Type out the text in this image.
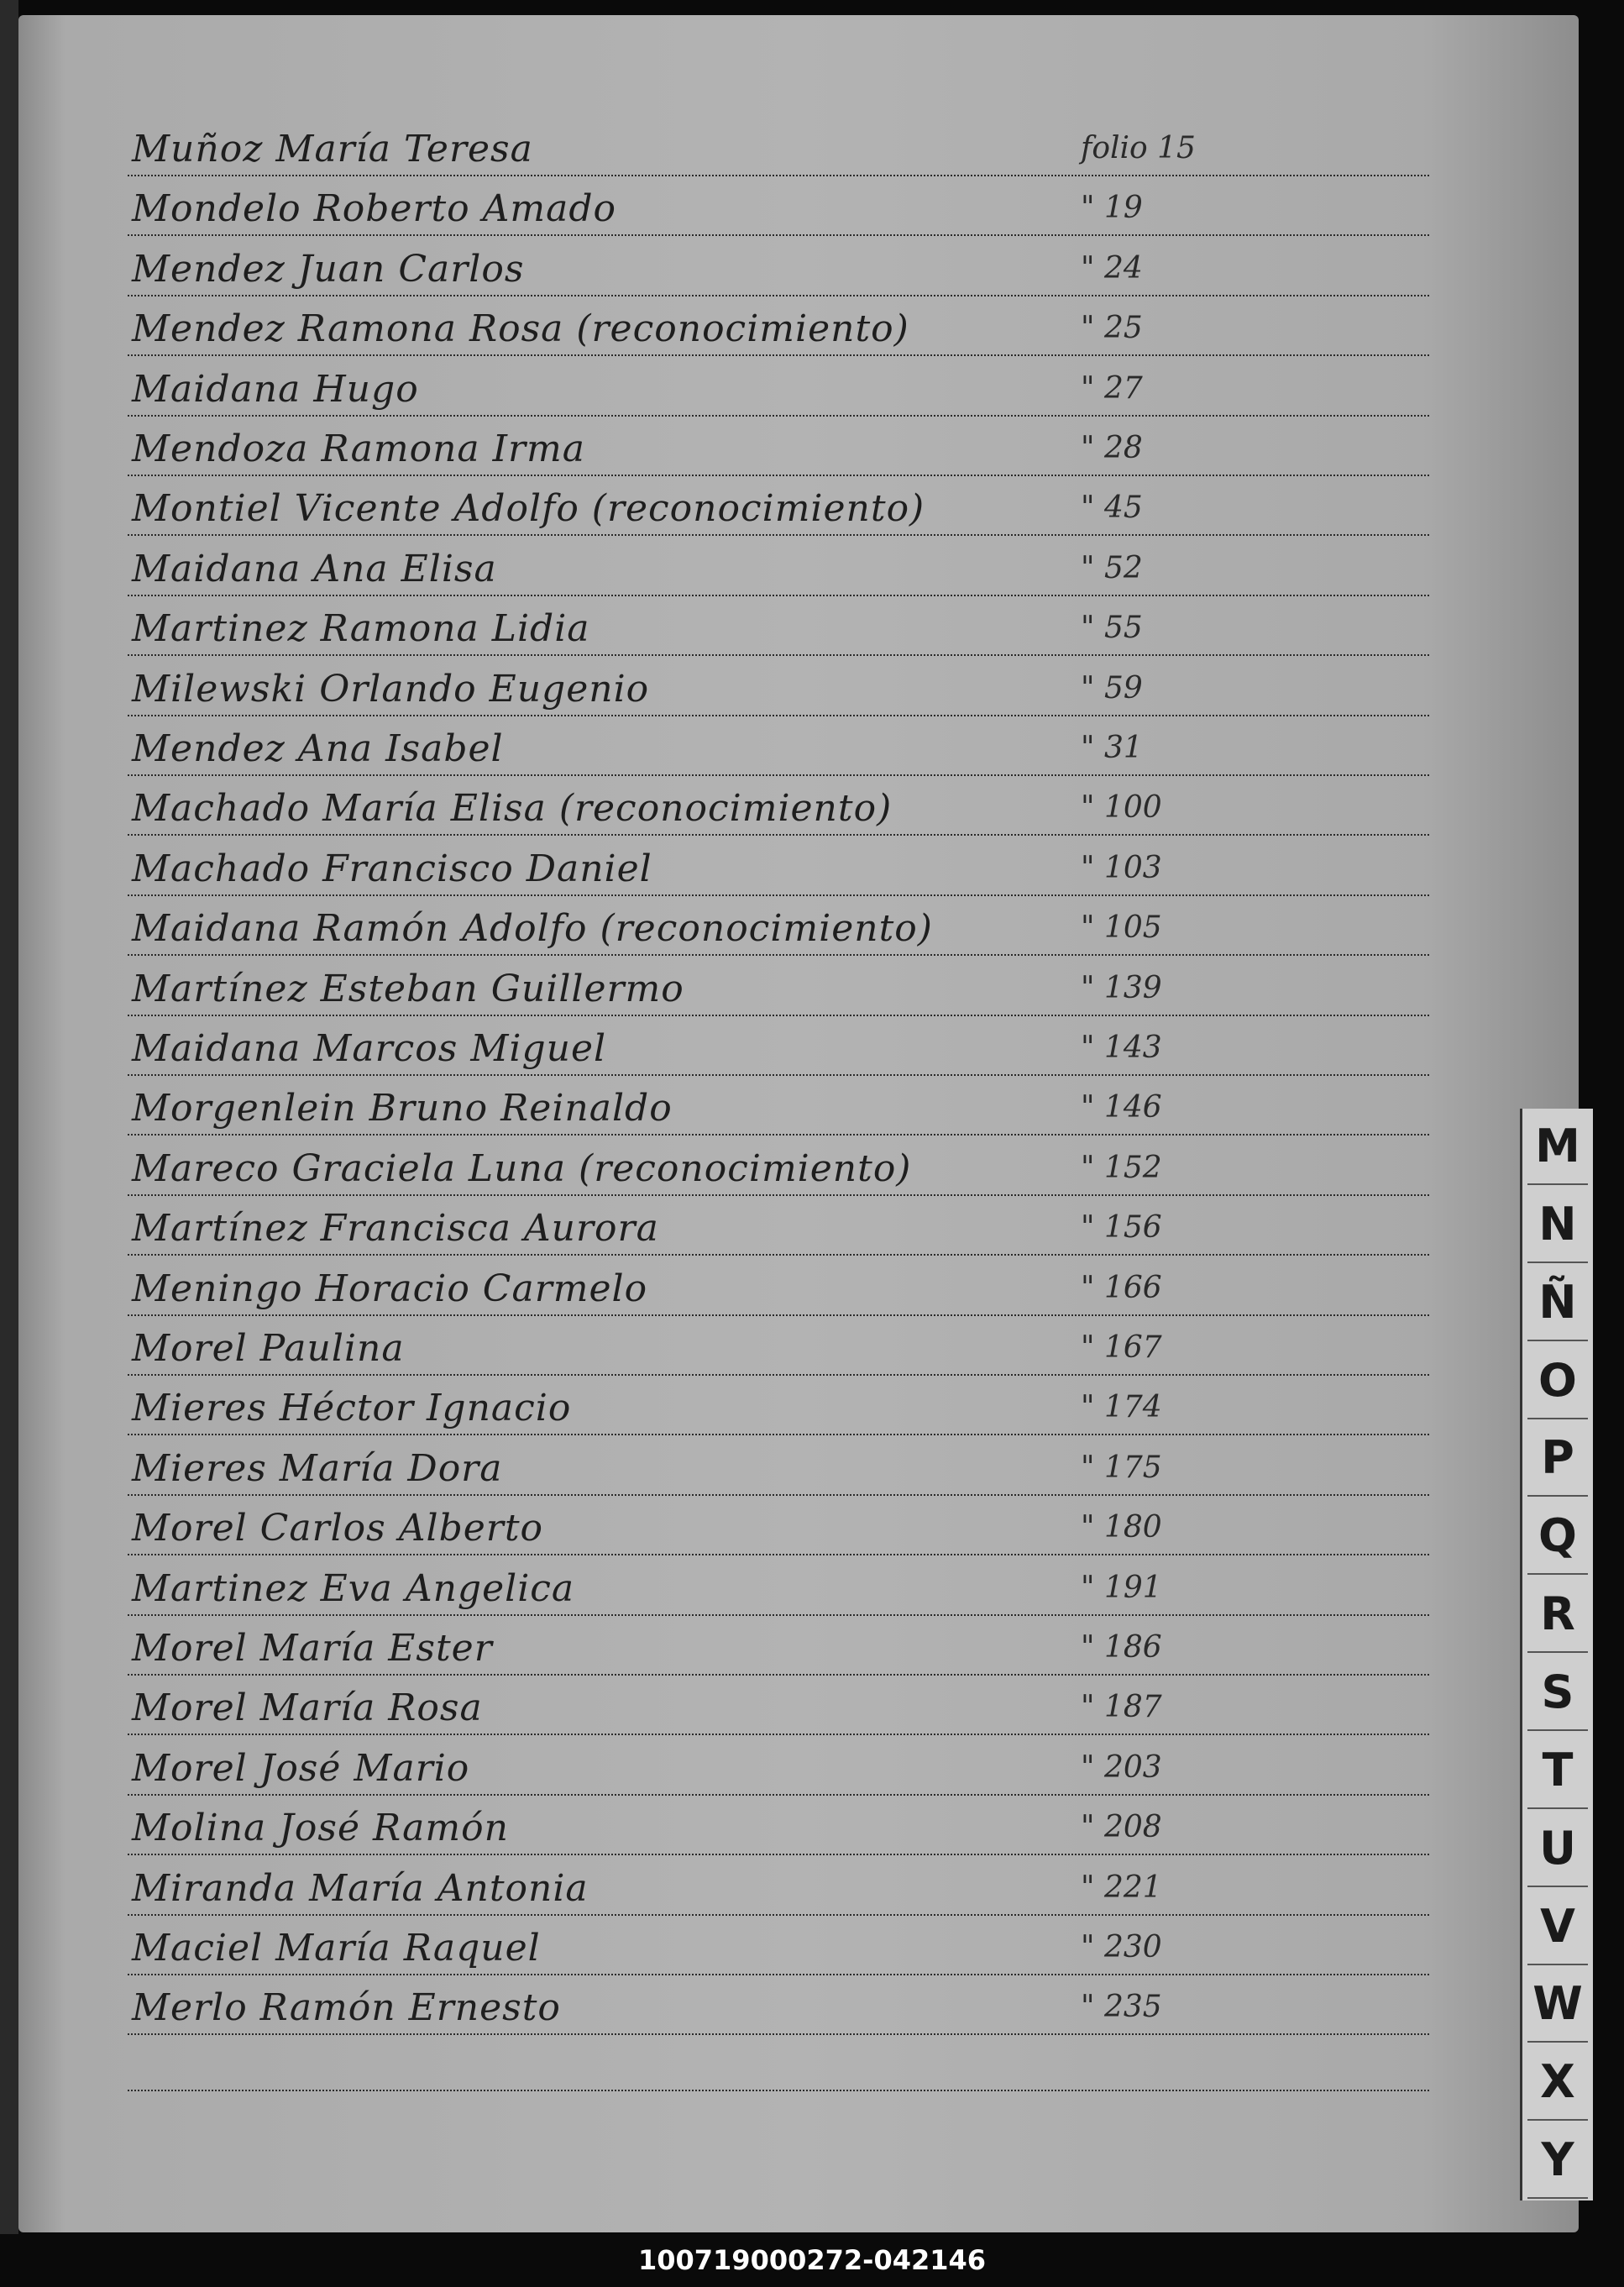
Muñoz María Teresa	folio 15
Mondelo Roberto Amado	" 19
Mendez Juan Carlos	" 24
Mendez Ramona Rosa (reconocimiento)	" 25
Maidana Hugo	" 27
Mendoza Ramona Irma	" 28
Montiel Vicente Adolfo (reconocimiento)	" 45
Maidana Ana Elisa	" 52
Martinez Ramona Lidia	" 55
Milewski Orlando Eugenio	" 59
Mendez Ana Isabel	" 31
Machado María Elisa (reconocimiento)	" 100
Machado Francisco Daniel	" 103
Maidana Ramón Adolfo (reconocimiento)	" 105
Martínez Esteban Guillermo	" 139
Maidana Marcos Miguel	" 143
Morgenlein Bruno Reinaldo	" 146
Mareco Graciela Luna (reconocimiento)	" 152
Martínez Francisca Aurora	" 156
Meningo Horacio Carmelo	" 166
Morel Paulina	" 167
Mieres Héctor Ignacio	" 174
Mieres María Dora	" 175
Morel Carlos Alberto	" 180
Martinez Eva Angelica	" 191
Morel María Ester	" 186
Morel María Rosa	" 187
Morel José Mario	" 203
Molina José Ramón	" 208
Miranda María Antonia	" 221
Maciel María Raquel	" 230
Merlo Ramón Ernesto	" 235
M
N
Ñ
O
P
Q
R
S
T
U
V
W
X
Y
100719000272-042146
